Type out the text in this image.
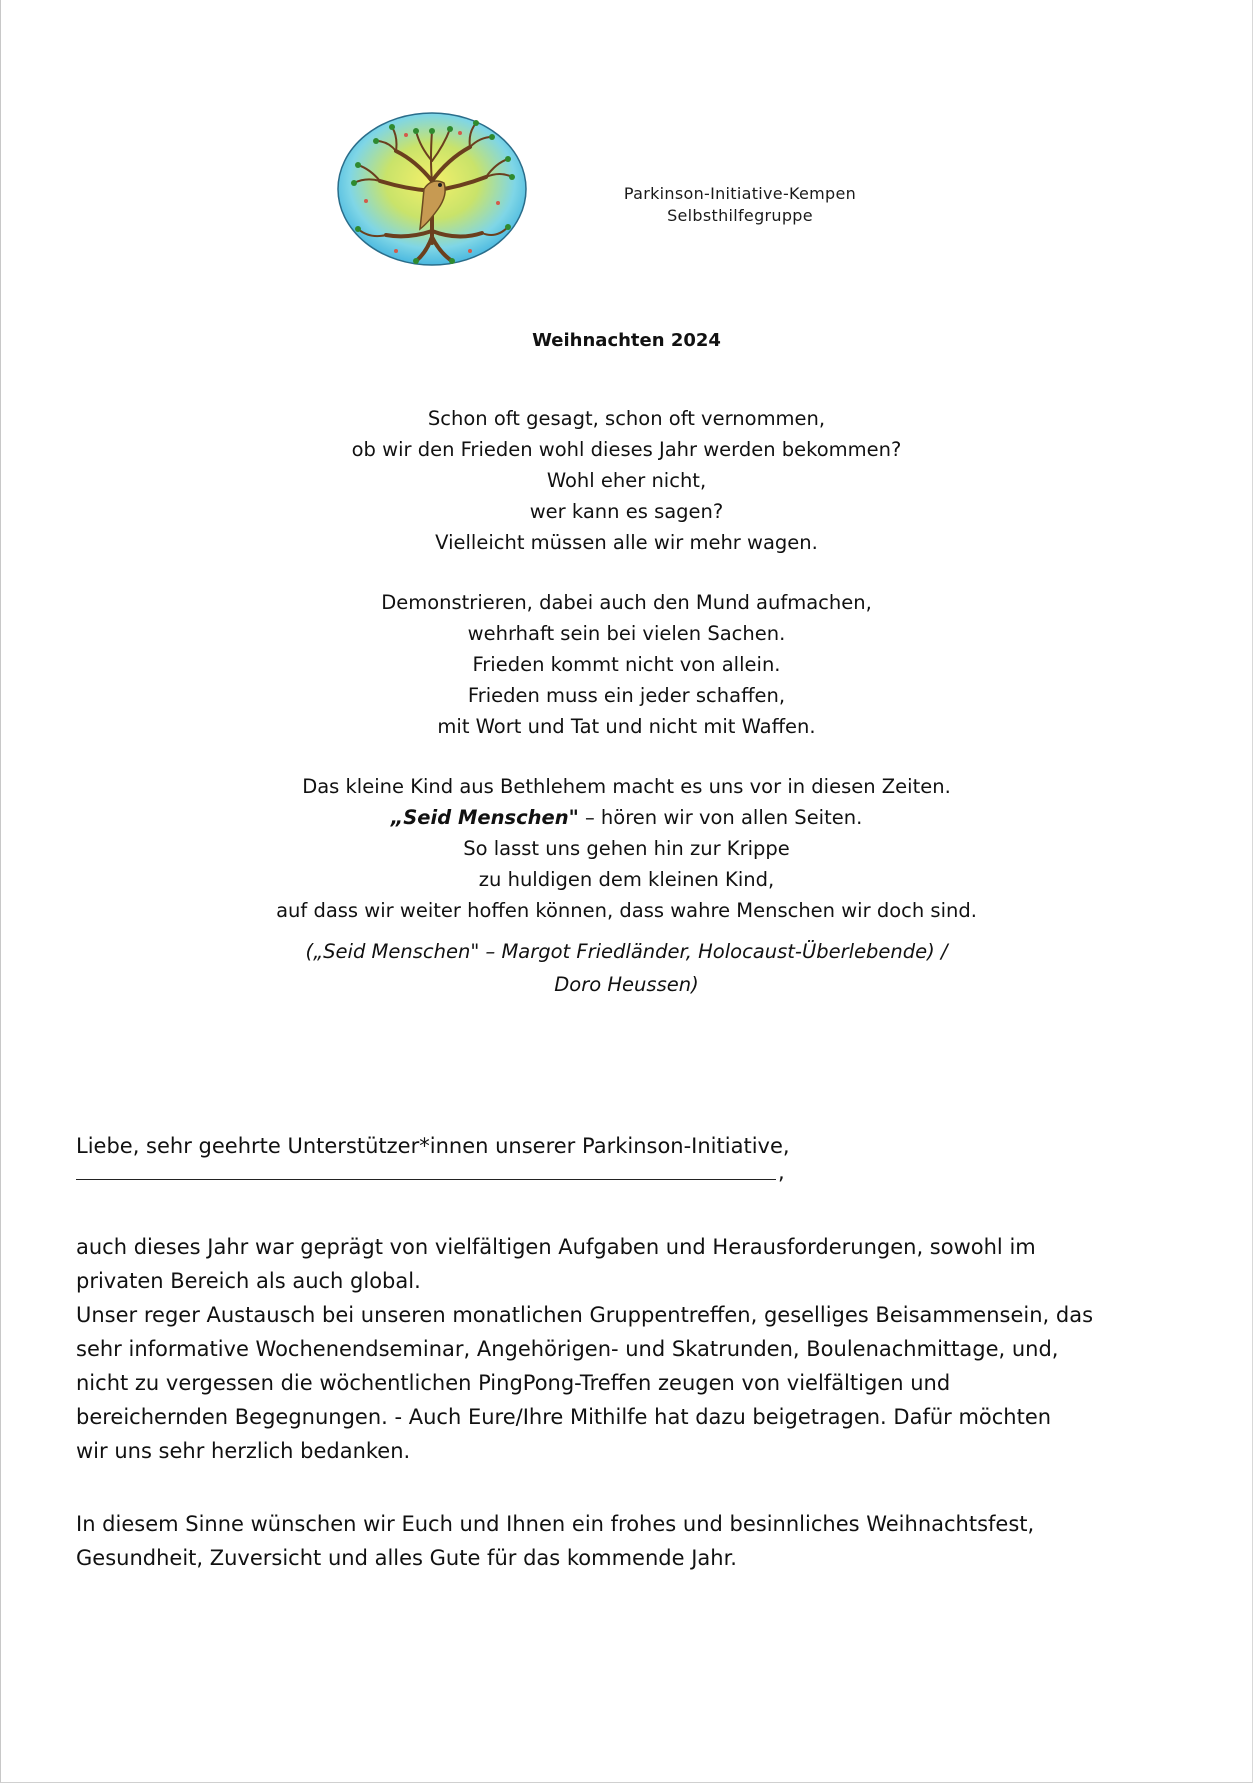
Parkinson-Initiative-Kempen
Selbsthilfegruppe
Weihnachten 2024
Schon oft gesagt, schon oft vernommen,
ob wir den Frieden wohl dieses Jahr werden bekommen?
Wohl eher nicht,
wer kann es sagen?
Vielleicht müssen alle wir mehr wagen.
Demonstrieren, dabei auch den Mund aufmachen,
wehrhaft sein bei vielen Sachen.
Frieden kommt nicht von allein.
Frieden muss ein jeder schaffen,
mit Wort und Tat und nicht mit Waffen.
Das kleine Kind aus Bethlehem macht es uns vor in diesen Zeiten.
„Seid Menschen" – hören wir von allen Seiten.
So lasst uns gehen hin zur Krippe
zu huldigen dem kleinen Kind,
auf dass wir weiter hoffen können, dass wahre Menschen wir doch sind.
(„Seid Menschen" – Margot Friedländer, Holocaust-Überlebende) /
Doro Heussen)
Liebe, sehr geehrte Unterstützer*innen unserer Parkinson-Initiative,
,

auch dieses Jahr war geprägt von vielfältigen Aufgaben und Herausforderungen, sowohl im

privaten Bereich als auch global.

Unser reger Austausch bei unseren monatlichen Gruppentreffen, geselliges Beisammensein, das

sehr informative Wochenendseminar, Angehörigen- und Skatrunden, Boulenachmittage, und,

nicht zu vergessen die wöchentlichen PingPong-Treffen zeugen von vielfältigen und

bereichernden Begegnungen. - Auch Eure/Ihre Mithilfe hat dazu beigetragen. Dafür möchten

wir uns sehr herzlich bedanken.

In diesem Sinne wünschen wir Euch und Ihnen ein frohes und besinnliches Weihnachtsfest,

Gesundheit, Zuversicht und alles Gute für das kommende Jahr.
